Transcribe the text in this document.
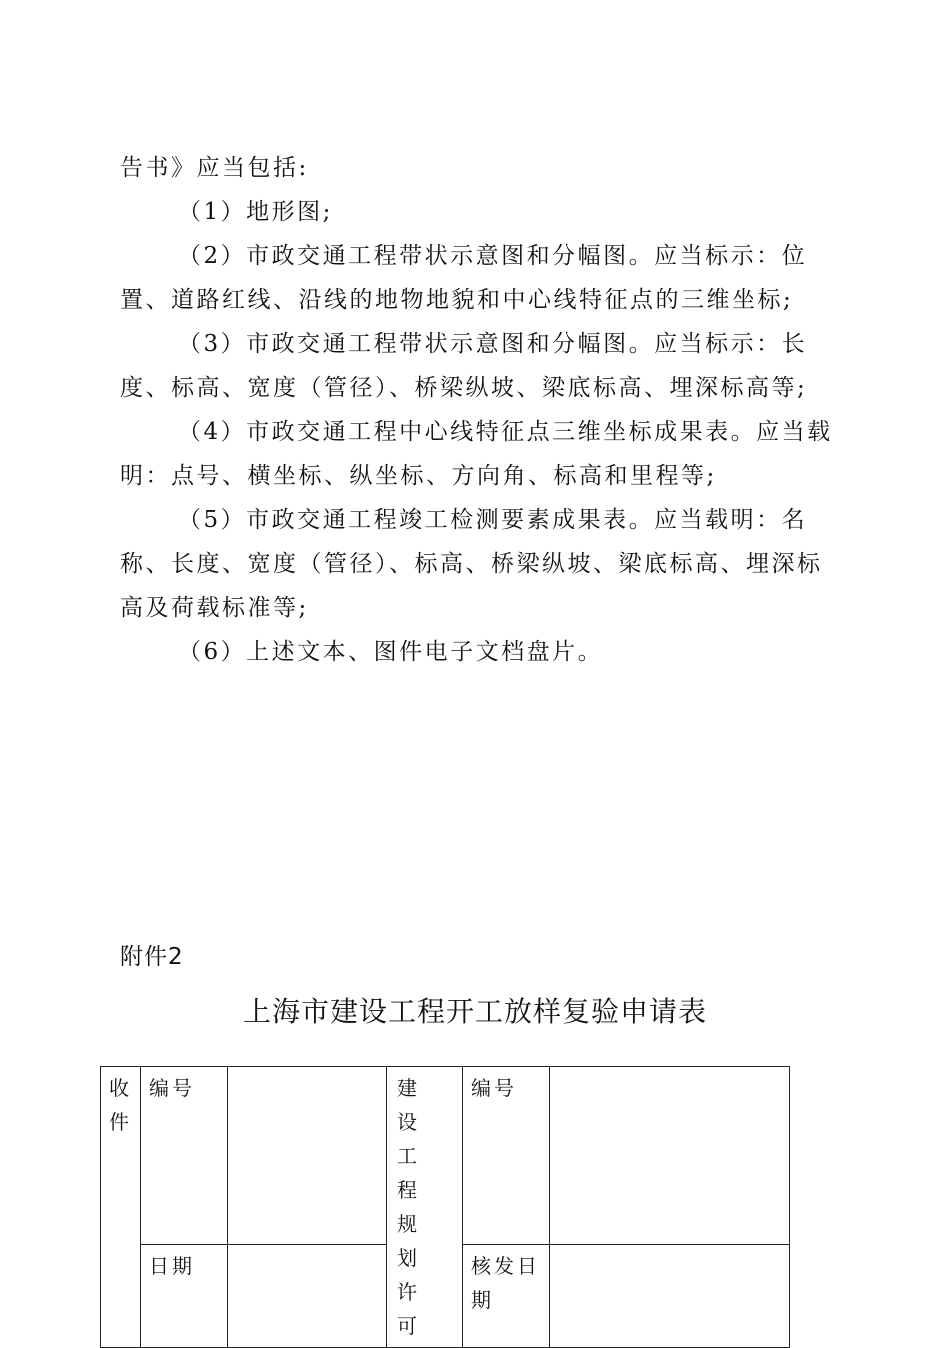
告书》应当包括:

（1）地形图;

（2）市政交通工程带状示意图和分幅图。应当标示：位置、道路红线、沿线的地物地貌和中心线特征点的三维坐标;

（3）市政交通工程带状示意图和分幅图。应当标示：长度、标高、宽度（管径）、桥梁纵坡、梁底标高、埋深标高等;

（4）市政交通工程中心线特征点三维坐标成果表。应当载明：点号、横坐标、纵坐标、方向角、标高和里程等;

（5）市政交通工程竣工检测要素成果表。应当载明：名称、长度、宽度（管径）、标高、桥梁纵坡、梁底标高、埋深标高及荷载标准等;

（6）上述文本、图件电子文档盘片。

附件2
上海市建设工程开工放样复验申请表
收件	编号		建设工程规划许可	编号	
	日期			核发日期	
